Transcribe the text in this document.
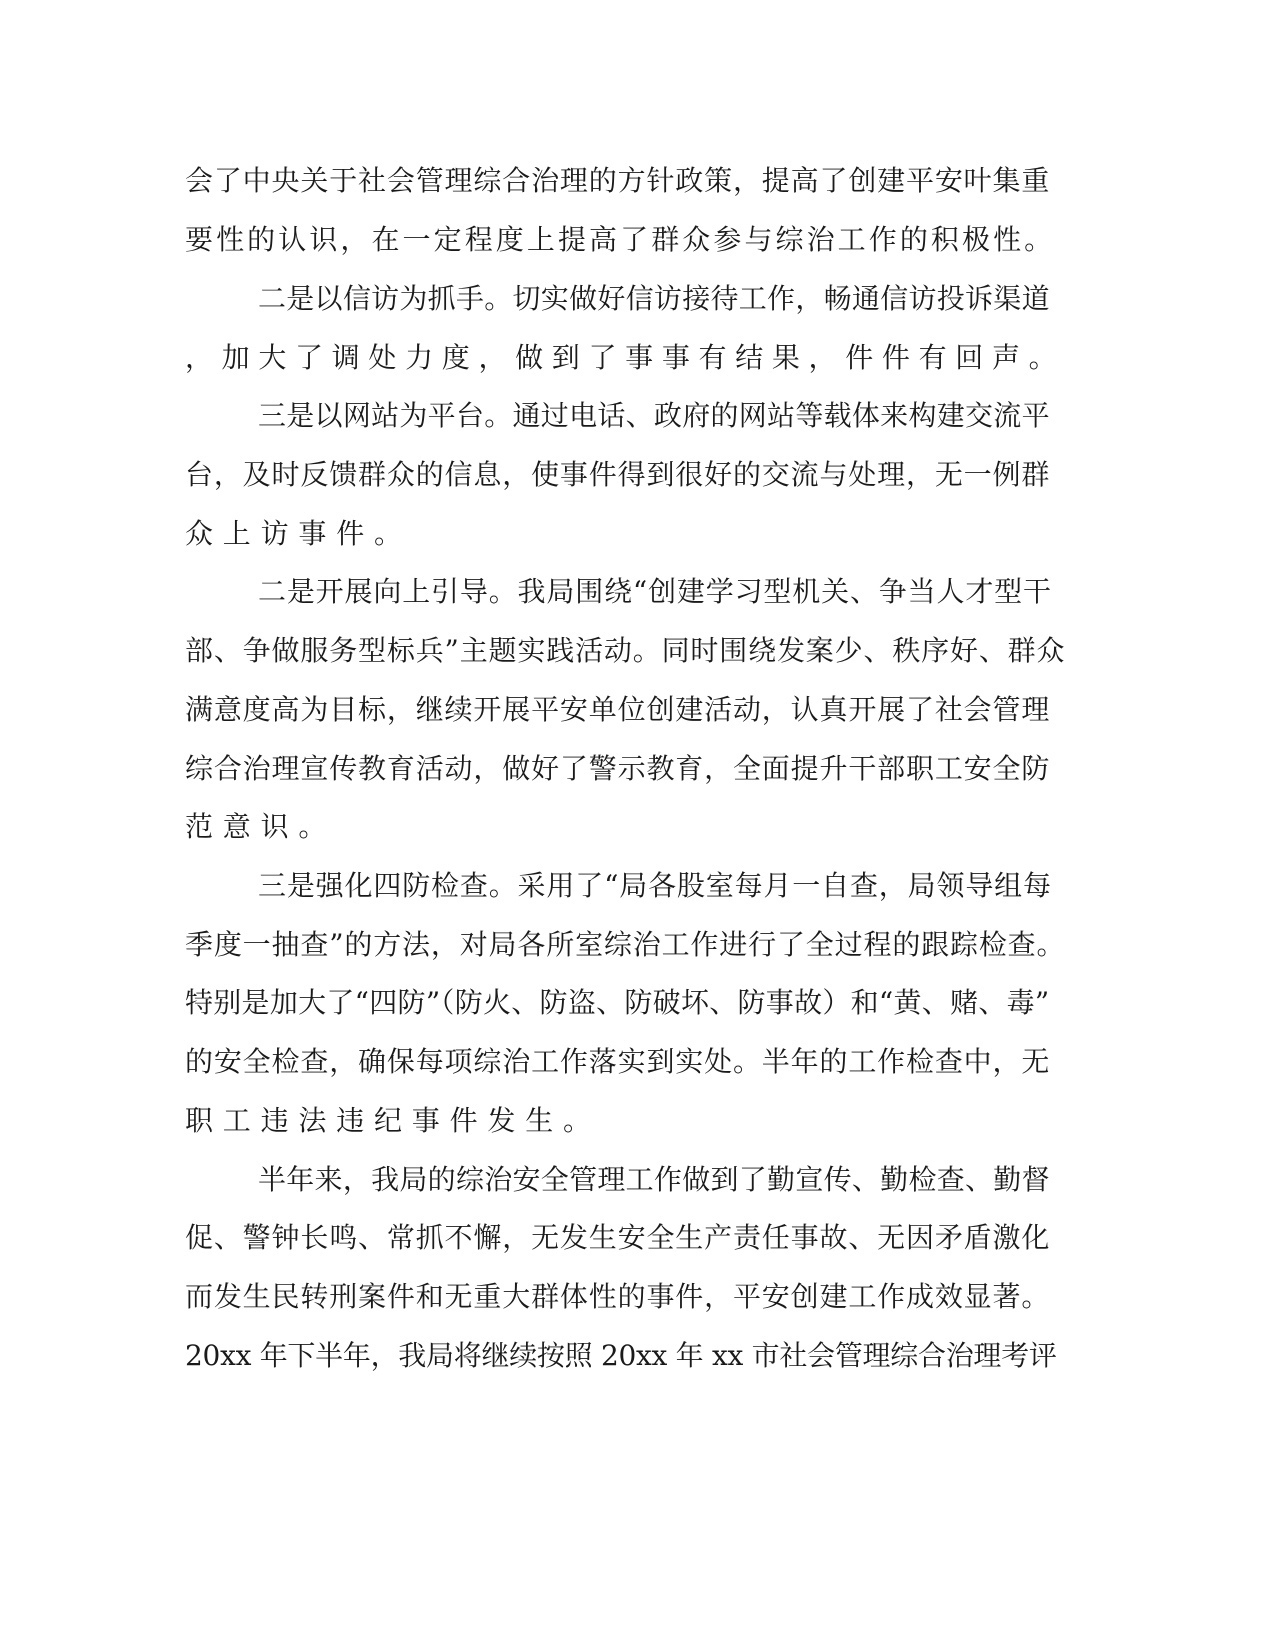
会了中央关于社会管理综合治理的方针政策，提高了创建平安叶集重

要性的认识，在一定程度上提高了群众参与综治工作的积极性。

二是以信访为抓手。切实做好信访接待工作，畅通信访投诉渠道

，加大了调处力度，做到了事事有结果，件件有回声。

三是以网站为平台。通过电话、政府的网站等载体来构建交流平

台，及时反馈群众的信息，使事件得到很好的交流与处理，无一例群

众上访事件。

二是开展向上引导。我局围绕“创建学习型机关、争当人才型干

部、争做服务型标兵”主题实践活动。同时围绕发案少、秩序好、群众

满意度高为目标，继续开展平安单位创建活动，认真开展了社会管理

综合治理宣传教育活动，做好了警示教育，全面提升干部职工安全防

范意识。

三是强化四防检查。采用了“局各股室每月一自查，局领导组每

季度一抽查”的方法，对局各所室综治工作进行了全过程的跟踪检查。

特别是加大了“四防”（防火、防盗、防破坏、防事故）和“黄、赌、毒”

的安全检查，确保每项综治工作落实到实处。半年的工作检查中，无

职工违法违纪事件发生。

半年来，我局的综治安全管理工作做到了勤宣传、勤检查、勤督

促、警钟长鸣、常抓不懈，无发生安全生产责任事故、无因矛盾激化

而发生民转刑案件和无重大群体性的事件，平安创建工作成效显著。

20xx 年下半年，我局将继续按照 20xx 年 xx 市社会管理综合治理考评
